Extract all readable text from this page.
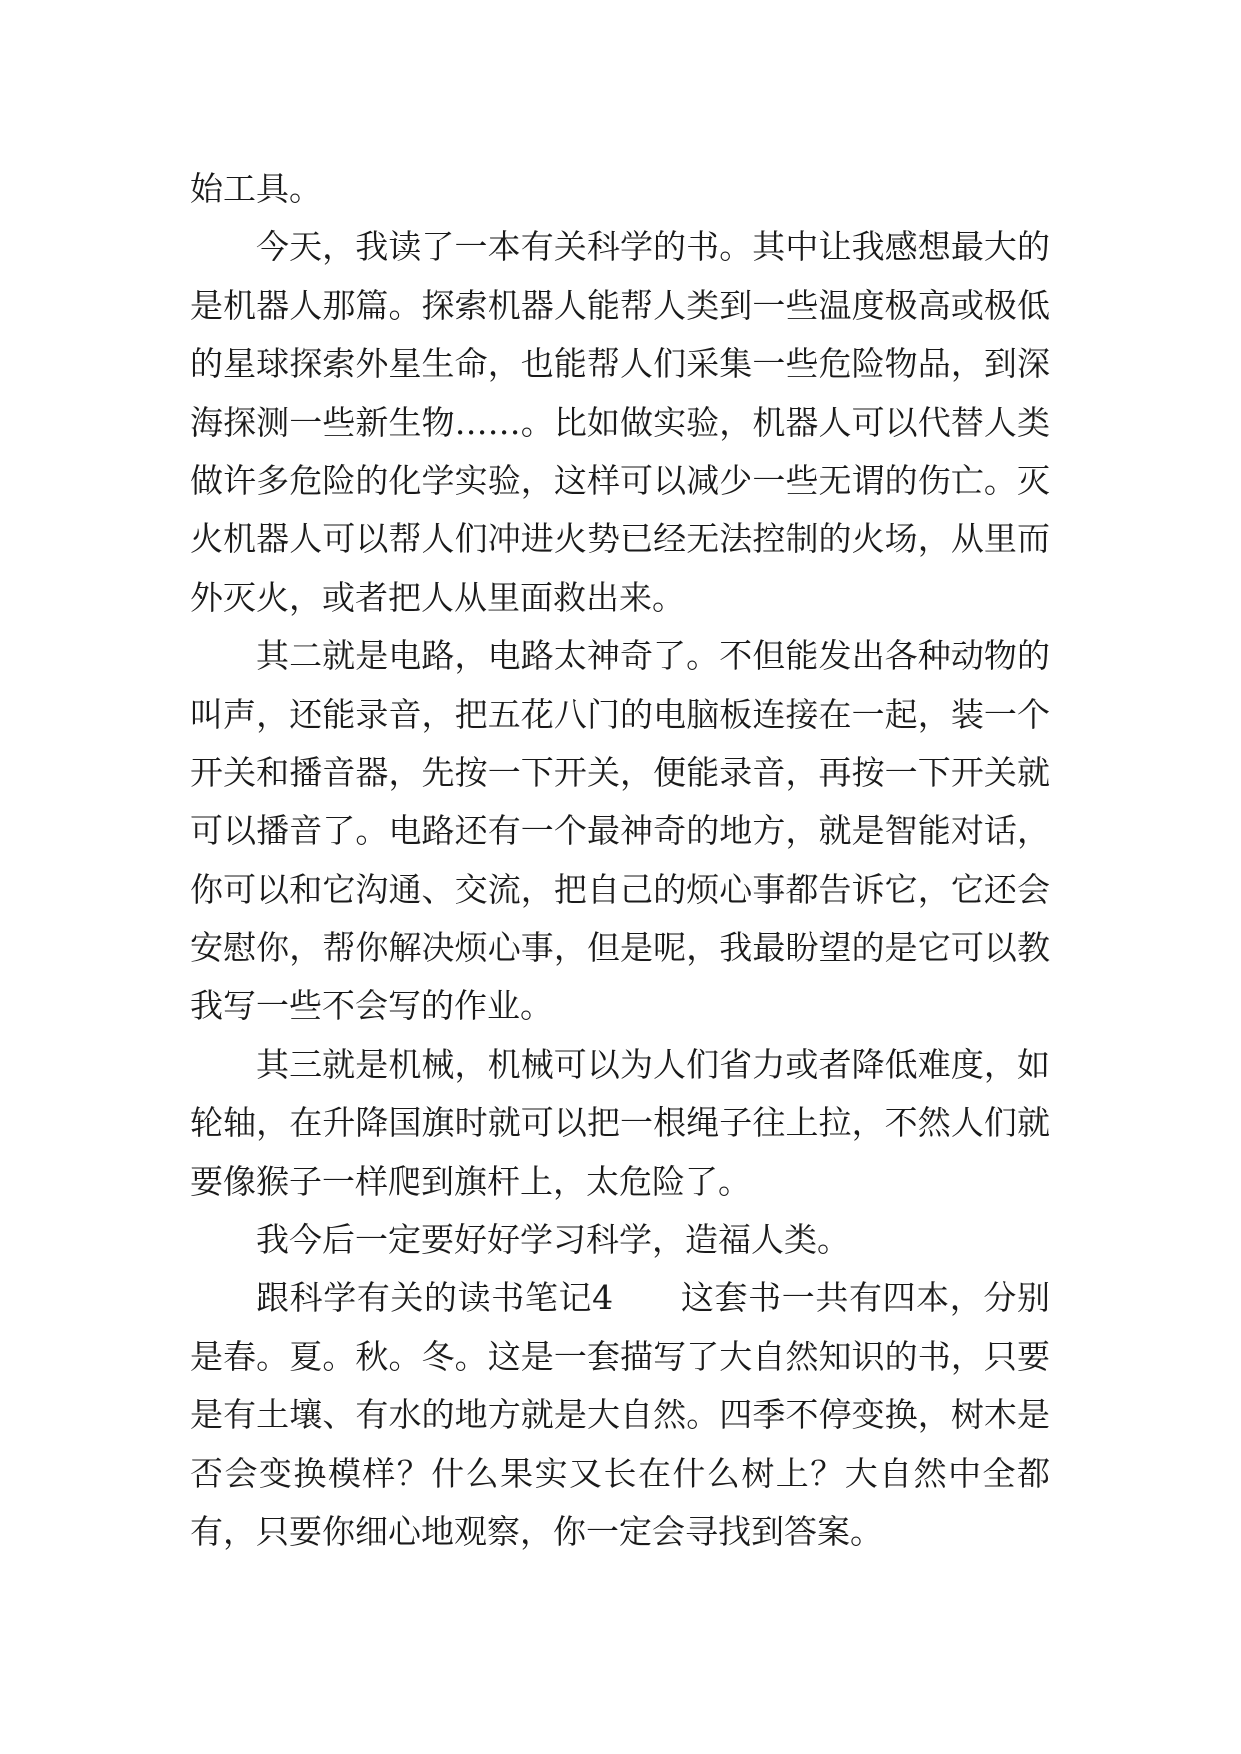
始工具。
今天，我读了一本有关科学的书。其中让我感想最大的
是机器人那篇。探索机器人能帮人类到一些温度极高或极低
的星球探索外星生命，也能帮人们采集一些危险物品，到深
海探测一些新生物……。比如做实验，机器人可以代替人类
做许多危险的化学实验，这样可以减少一些无谓的伤亡。灭
火机器人可以帮人们冲进火势已经无法控制的火场，从里而
外灭火，或者把人从里面救出来。
其二就是电路，电路太神奇了。不但能发出各种动物的
叫声，还能录音，把五花八门的电脑板连接在一起，装一个
开关和播音器，先按一下开关，便能录音，再按一下开关就
可以播音了。电路还有一个最神奇的地方，就是智能对话，
你可以和它沟通、交流，把自己的烦心事都告诉它，它还会
安慰你，帮你解决烦心事，但是呢，我最盼望的是它可以教
我写一些不会写的作业。
其三就是机械，机械可以为人们省力或者降低难度，如
轮轴，在升降国旗时就可以把一根绳子往上拉，不然人们就
要像猴子一样爬到旗杆上，太危险了。
我今后一定要好好学习科学，造福人类。
跟科学有关的读书笔记4　　这套书一共有四本，分别
是春。夏。秋。冬。这是一套描写了大自然知识的书，只要
是有土壤、有水的地方就是大自然。四季不停变换，树木是
否会变换模样？什么果实又长在什么树上？大自然中全都
有，只要你细心地观察，你一定会寻找到答案。
